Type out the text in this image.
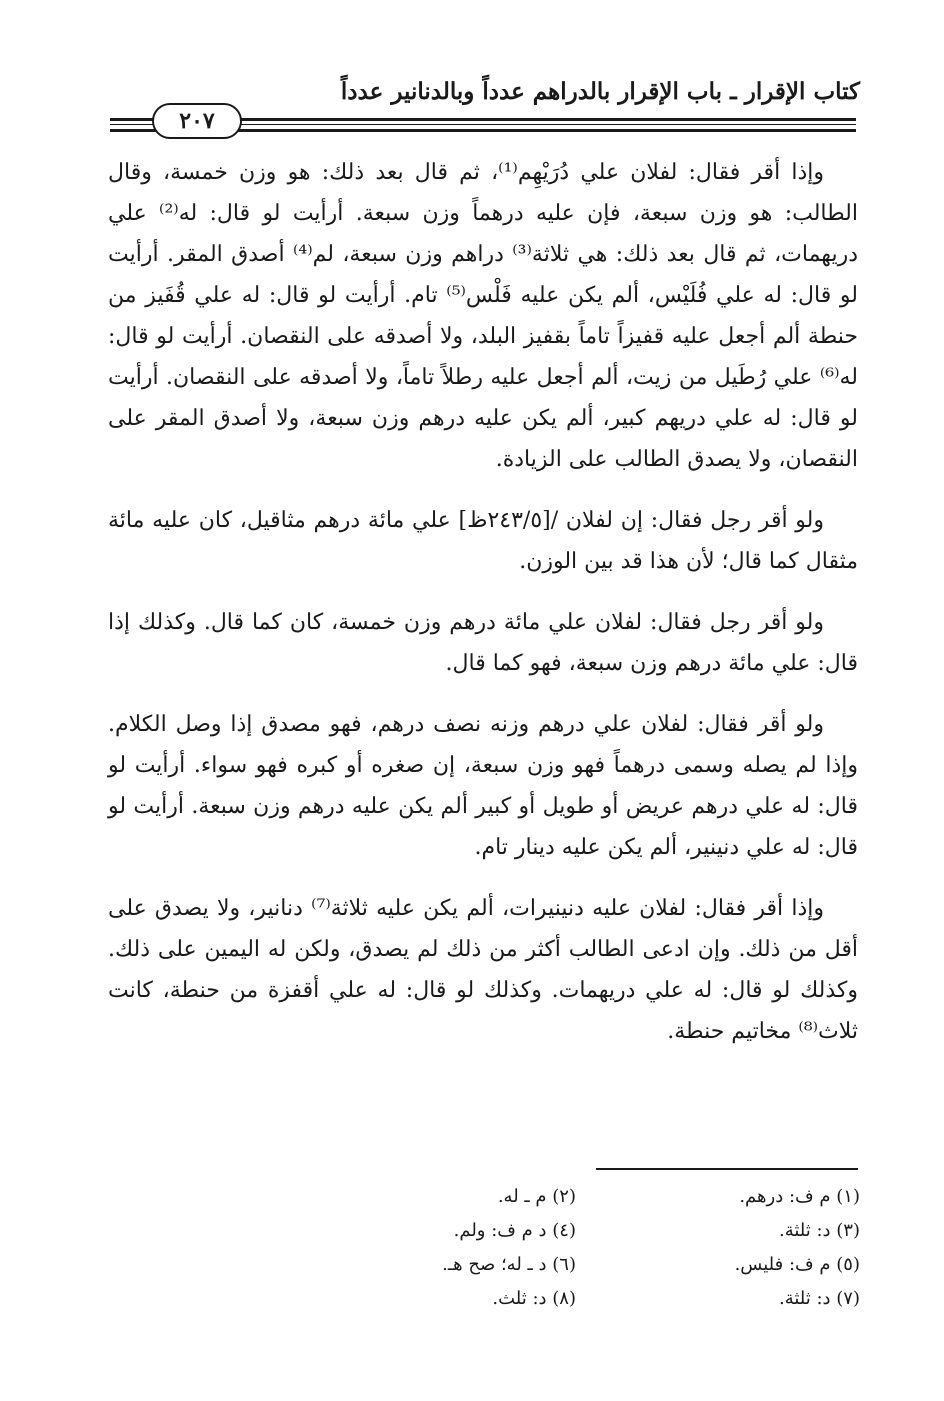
كتاب الإقرار ـ باب الإقرار بالدراهم عدداً وبالدنانير عدداً
٢٠٧

وإذا أقر فقال: لفلان علي دُرَيْهِم⁽¹⁾، ثم قال بعد ذلك: هو وزن خمسة، وقال الطالب: هو وزن سبعة، فإن عليه درهماً وزن سبعة. أرأيت لو قال: له⁽²⁾ علي دريهمات، ثم قال بعد ذلك: هي ثلاثة⁽³⁾ دراهم وزن سبعة، لم⁽⁴⁾ أصدق المقر. أرأيت لو قال: له علي فُلَيْس، ألم يكن عليه فَلْس⁽⁵⁾ تام. أرأيت لو قال: له علي قُفَيز من حنطة ألم أجعل عليه قفيزاً تاماً بقفيز البلد، ولا أصدقه على النقصان. أرأيت لو قال: له⁽⁶⁾ علي رُطَيل من زيت، ألم أجعل عليه رطلاً تاماً، ولا أصدقه على النقصان. أرأيت لو قال: له علي دريهم كبير، ألم يكن عليه درهم وزن سبعة، ولا أصدق المقر على النقصان، ولا يصدق الطالب على الزيادة.

ولو أقر رجل فقال: إن لفلان /[٢٤٣/٥ظ] علي مائة درهم مثاقيل، كان عليه مائة مثقال كما قال؛ لأن هذا قد بين الوزن.

ولو أقر رجل فقال: لفلان علي مائة درهم وزن خمسة، كان كما قال. وكذلك إذا قال: علي مائة درهم وزن سبعة، فهو كما قال.

ولو أقر فقال: لفلان علي درهم وزنه نصف درهم، فهو مصدق إذا وصل الكلام. وإذا لم يصله وسمى درهماً فهو وزن سبعة، إن صغره أو كبره فهو سواء. أرأيت لو قال: له علي درهم عريض أو طويل أو كبير ألم يكن عليه درهم وزن سبعة. أرأيت لو قال: له علي دنينير، ألم يكن عليه دينار تام.

وإذا أقر فقال: لفلان عليه دنينيرات، ألم يكن عليه ثلاثة⁽⁷⁾ دنانير، ولا يصدق على أقل من ذلك. وإن ادعى الطالب أكثر من ذلك لم يصدق، ولكن له اليمين على ذلك. وكذلك لو قال: له علي دريهمات. وكذلك لو قال: له علي أقفزة من حنطة، كانت ثلاث⁽⁸⁾ مخاتيم حنطة.

(١) م ف: درهم.
(٢) م ـ له.
(٣) د: ثلثة.
(٤) د م ف: ولم.
(٥) م ف: فليس.
(٦) د ـ له؛ صح هـ.
(٧) د: ثلثة.
(٨) د: ثلث.
